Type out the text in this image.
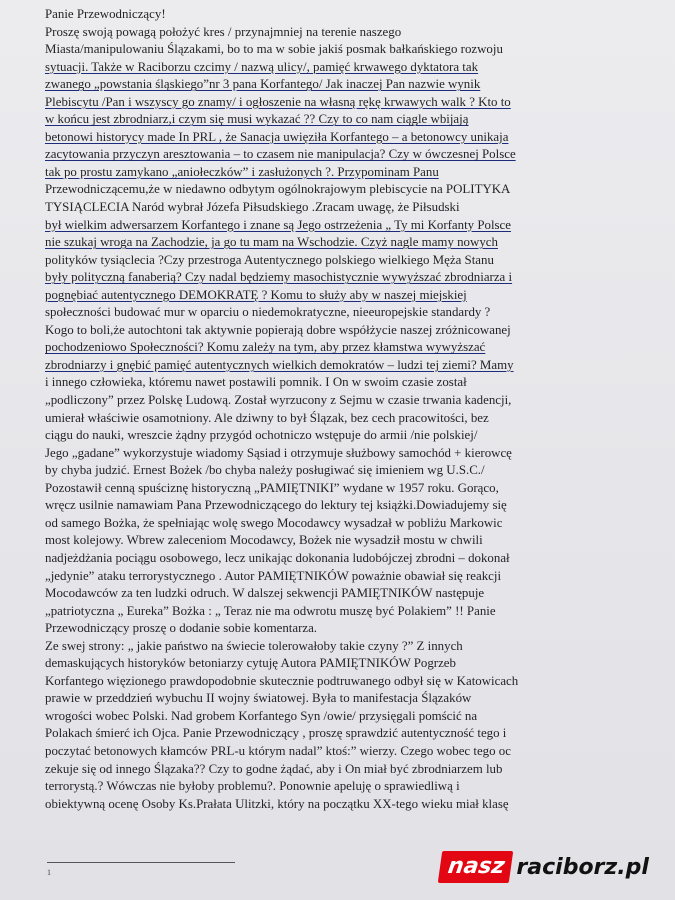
Panie Przewodniczący!
Proszę swoją powagą położyć kres / przynajmniej na terenie naszego
Miasta/manipulowaniu Ślązakami, bo to ma w sobie jakiś posmak bałkańskiego rozwoju
sytuacji. Także w Raciborzu czcimy / nazwą ulicy/, pamięć krwawego dyktatora tak
zwanego „powstania śląskiego”nr 3 pana Korfantego/ Jak inaczej Pan nazwie wynik
Plebiscytu /Pan i wszyscy go znamy/ i ogłoszenie na własną rękę krwawych walk ? Kto to
w końcu jest zbrodniarz,i czym się musi wykazać ?? Czy to co nam ciągle wbijają
betonowi historycy made In PRL , że Sanacja uwięziła Korfantego – a betonowcy unikaja
zacytowania przyczyn aresztowania – to czasem nie manipulacja? Czy w ówczesnej Polsce
tak po prostu zamykano „aniołeczków” i zasłużonych ?. Przypominam Panu
Przewodniczącemu,że w niedawno odbytym ogólnokrajowym plebiscycie na POLITYKA
TYSIĄCLECIA Naród wybrał Józefa Piłsudskiego .Zracam uwagę, że Piłsudski
był wielkim adwersarzem Korfantego i znane są Jego ostrzeżenia „ Ty mi Korfanty Polsce
nie szukaj wroga na Zachodzie, ja go tu mam na Wschodzie. Czyż nagle mamy nowych
polityków tysiąclecia ?Czy przestroga Autentycznego polskiego wielkiego Męża Stanu
były polityczną fanaberią? Czy nadal będziemy masochistycznie wywyższać zbrodniarza i
pognębiać autentycznego DEMOKRATĘ ? Komu to służy aby w naszej miejskiej
społeczności budować mur w oparciu o niedemokratyczne, nieeuropejskie standardy ?
Kogo to boli,że autochtoni tak aktywnie popierają dobre współżycie naszej zróżnicowanej
pochodzeniowo Społeczności? Komu zależy na tym, aby przez kłamstwa wywyższać
zbrodniarzy i gnębić pamięć autentycznych wielkich demokratów – ludzi tej ziemi? Mamy
i innego człowieka, któremu nawet postawili pomnik. I On w swoim czasie został
„podliczony” przez Polskę Ludową. Został wyrzucony z Sejmu w czasie trwania kadencji,
umierał właściwie osamotniony. Ale dziwny to był Ślązak, bez cech pracowitości, bez
ciągu do nauki, wreszcie żądny przygód ochotniczo wstępuje do armii /nie polskiej/
Jego „gadane” wykorzystuje wiadomy Sąsiad i otrzymuje służbowy samochód + kierowcę
by chyba judzić. Ernest Bożek /bo chyba należy posługiwać się imieniem wg U.S.C./
Pozostawił cenną spuściznę historyczną „PAMIĘTNIKI” wydane w 1957 roku. Gorąco,
wręcz usilnie namawiam Pana Przewodniczącego do lektury tej książki.Dowiadujemy się
od samego Bożka, że spełniając wolę swego Mocodawcy wysadzał w pobliżu Markowic
most kolejowy. Wbrew zaleceniom Mocodawcy, Bożek nie wysadził mostu w chwili
nadjeżdżania pociągu osobowego, lecz unikając dokonania ludobójczej zbrodni – dokonał
„jedynie” ataku terrorystycznego . Autor PAMIĘTNIKÓW poważnie obawiał się reakcji
Mocodawców za ten ludzki odruch. W dalszej sekwencji PAMIĘTNIKÓW następuje
„patriotyczna „ Eureka” Bożka : „ Teraz nie ma odwrotu muszę być Polakiem” !! Panie
Przewodniczący proszę o dodanie sobie komentarza.
Ze swej strony: „ jakie państwo na świecie tolerowałoby takie czyny ?” Z innych
demaskujących historyków betoniarzy cytuję Autora PAMIĘTNIKÓW Pogrzeb
Korfantego więzionego prawdopodobnie skutecznie podtruwanego odbył się w Katowicach
prawie w przeddzień wybuchu II wojny światowej. Była to manifestacja Ślązaków
wrogości wobec Polski. Nad grobem Korfantego Syn /owie/ przysięgali pomścić na
Polakach śmierć ich Ojca. Panie Przewodniczący , proszę sprawdzić autentyczność tego i
poczytać betonowych kłamców PRL-u którym nadal” ktoś:” wierzy. Czego wobec tego oc
zekuje się od innego Ślązaka?? Czy to godne żądać, aby i On miał być zbrodniarzem lub
terrorystą.? Wówczas nie byłoby problemu?. Ponownie apeluję o sprawiedliwą i
obiektywną ocenę Osoby Ks.Prałata Ulitzki, który na początku XX-tego wieku miał klasę
1	nasz raciborz.pl
